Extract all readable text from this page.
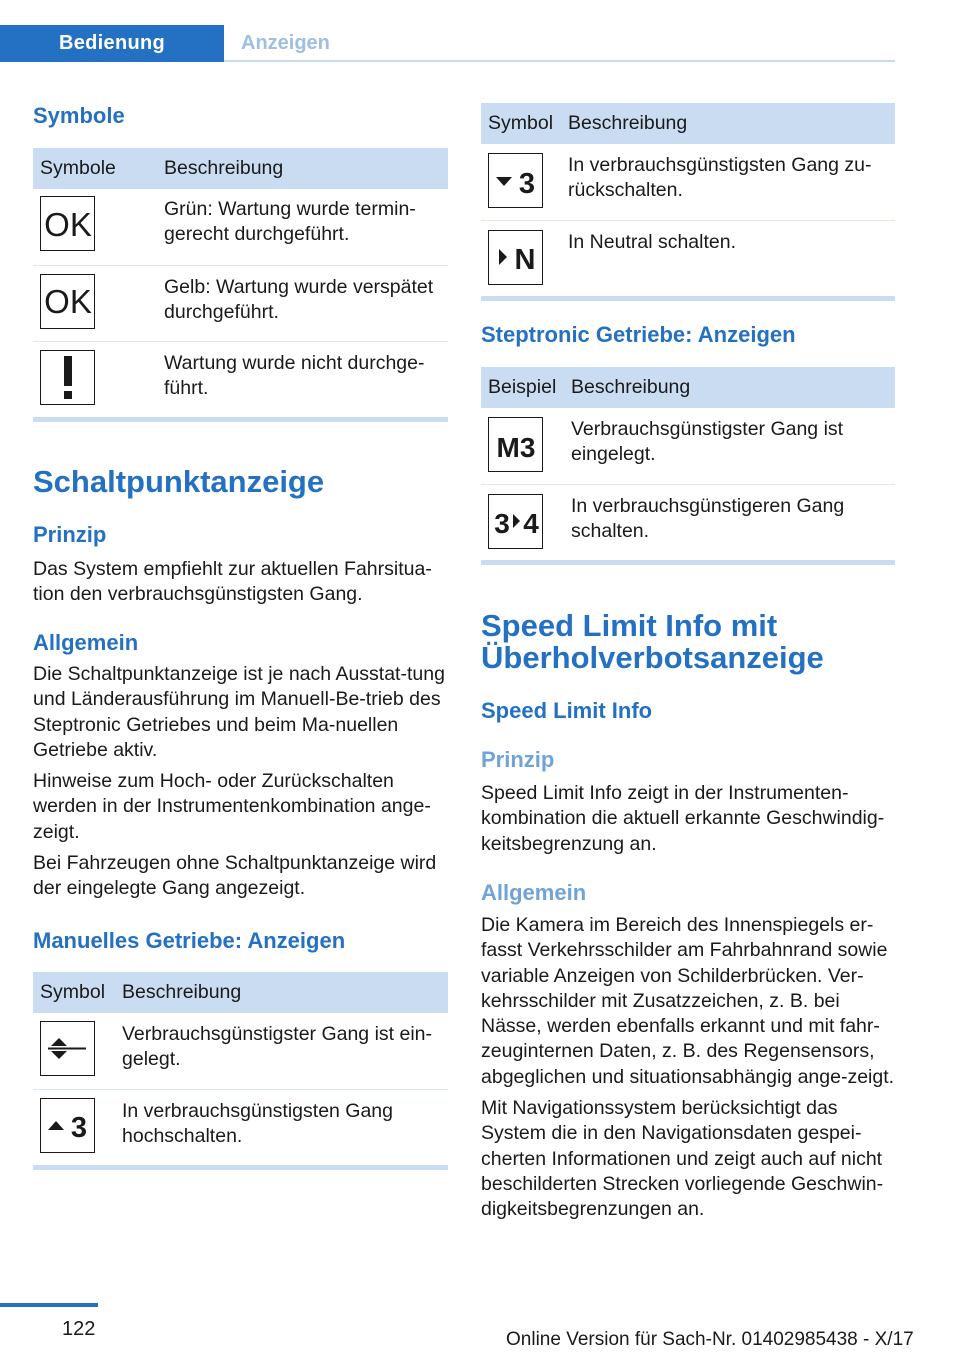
Bedienung	Anzeigen
Symbole
Symbole	Beschreibung

OK	Grün: Wartung wurde termin‐gerecht durchgeführt.

OK	Gelb: Wartung wurde verspätet durchgeführt.

	Wartung wurde nicht durchge‐führt.
Schaltpunktanzeige
Prinzip

Das System empfiehlt zur aktuellen Fahrsitua‐tion den verbrauchsgünstigsten Gang.

Allgemein

Die Schaltpunktanzeige ist je nach Ausstat‐tung und Länderausführung im Manuell-Be‐trieb des Steptronic Getriebes und beim Ma‐nuellen Getriebe aktiv.

Hinweise zum Hoch- oder Zurückschalten werden in der Instrumentenkombination ange‐zeigt.

Bei Fahrzeugen ohne Schaltpunktanzeige wird der eingelegte Gang angezeigt.

Manuelles Getriebe: Anzeigen
Symbol	Beschreibung

	Verbrauchsgünstigster Gang ist ein‐gelegt.

3	In verbrauchsgünstigsten Gang hochschalten.
Symbol	Beschreibung

3	In verbrauchsgünstigsten Gang zu‐rückschalten.

N	In Neutral schalten.
Steptronic Getriebe: Anzeigen
Beispiel	Beschreibung

M3	Verbrauchsgünstigster Gang ist eingelegt.

3 4	In verbrauchsgünstigeren Gang schalten.
Speed Limit Info mit
Überholverbotsanzeige
Speed Limit Info
Prinzip

Speed Limit Info zeigt in der Instrumenten‐kombination die aktuell erkannte Geschwindig‐keitsbegrenzung an.

Allgemein

Die Kamera im Bereich des Innenspiegels er‐fasst Verkehrsschilder am Fahrbahnrand sowie variable Anzeigen von Schilderbrücken. Ver‐kehrsschilder mit Zusatzzeichen, z. B. bei Nässe, werden ebenfalls erkannt und mit fahr‐zeuginternen Daten, z. B. des Regensensors, abgeglichen und situationsabhängig ange‐zeigt.

Mit Navigationssystem berücksichtigt das System die in den Navigationsdaten gespei‐cherten Informationen und zeigt auch auf nicht beschilderten Strecken vorliegende Geschwin‐digkeitsbegrenzungen an.

122	Online Version für Sach-Nr. 01402985438 - X/17
